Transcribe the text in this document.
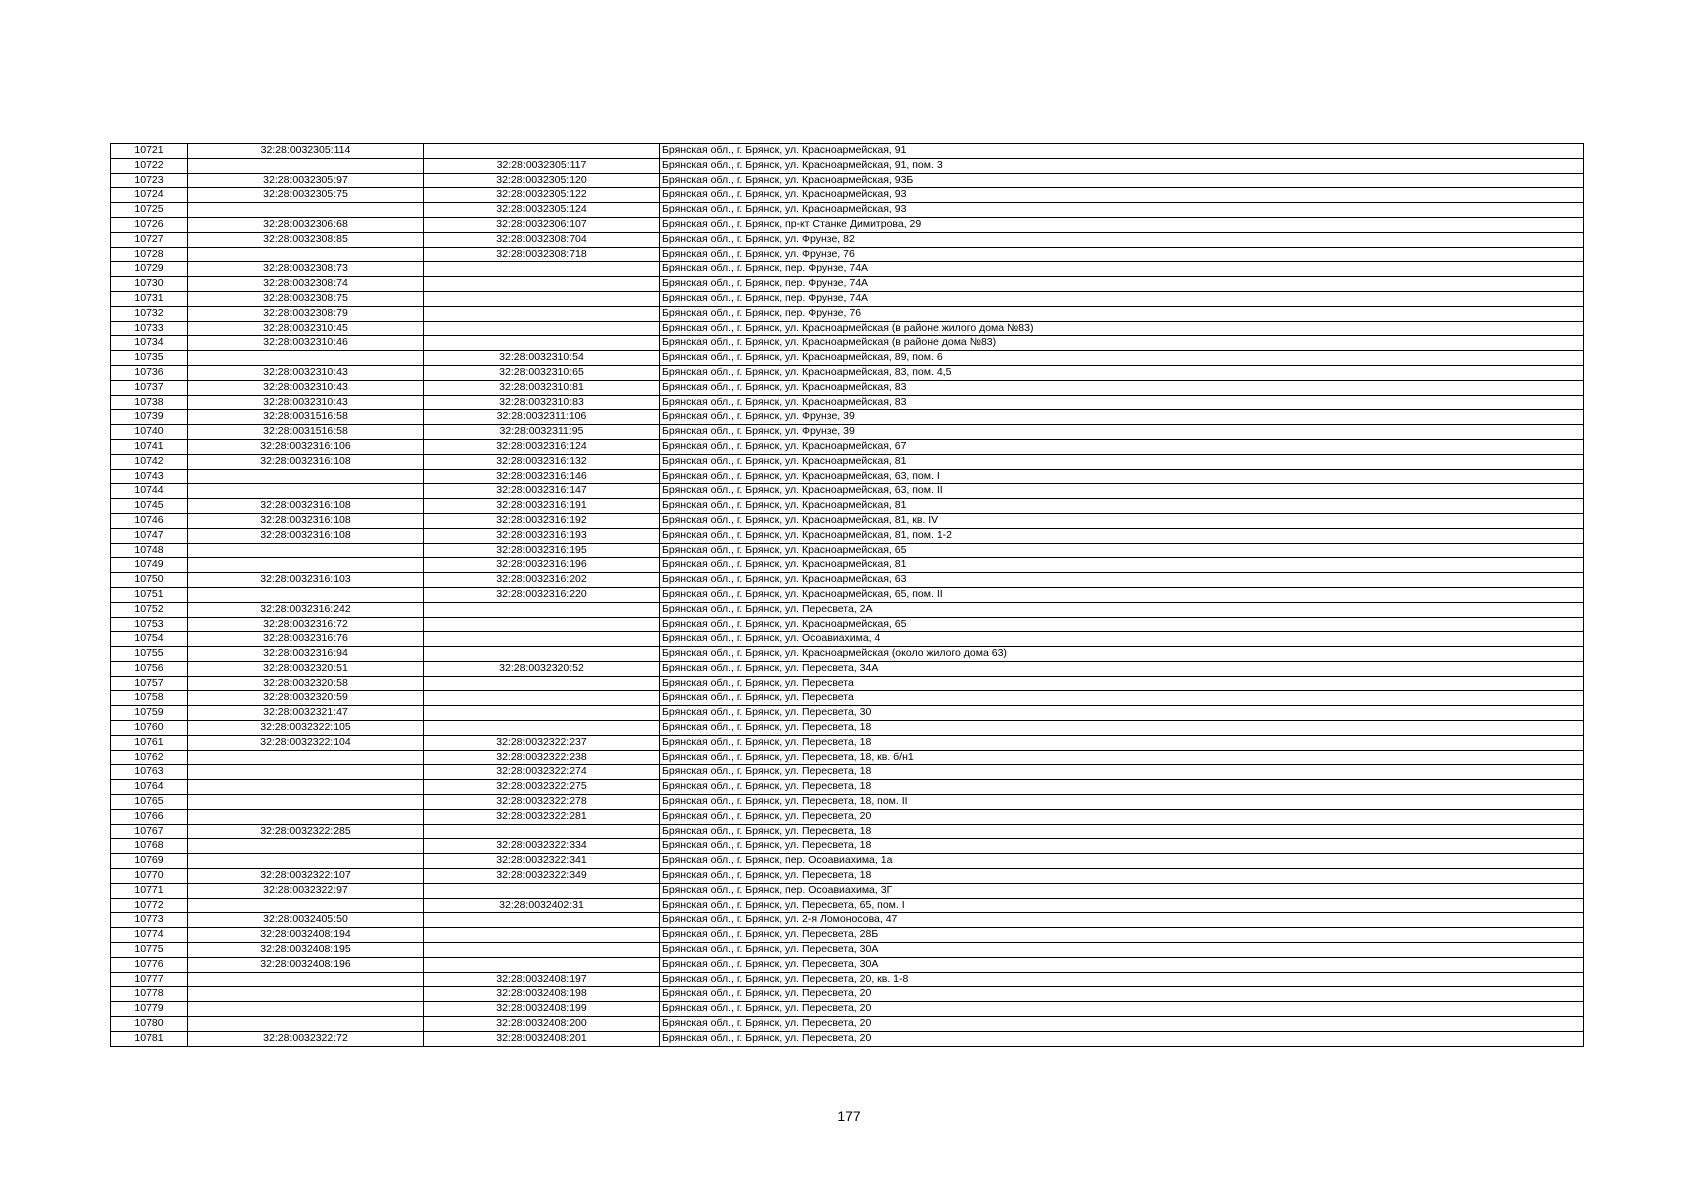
10721	32:28:0032305:114		Брянская обл., г. Брянск, ул. Красноармейская, 91
10722		32:28:0032305:117	Брянская обл., г. Брянск, ул. Красноармейская, 91, пом. 3
10723	32:28:0032305:97	32:28:0032305:120	Брянская обл., г. Брянск, ул. Красноармейская, 93Б
10724	32:28:0032305:75	32:28:0032305:122	Брянская обл., г. Брянск, ул. Красноармейская, 93
10725		32:28:0032305:124	Брянская обл., г. Брянск, ул. Красноармейская, 93
10726	32:28:0032306:68	32:28:0032306:107	Брянская обл., г. Брянск, пр-кт Станке Димитрова, 29
10727	32:28:0032308:85	32:28:0032308:704	Брянская обл., г. Брянск, ул. Фрунзе, 82
10728		32:28:0032308:718	Брянская обл., г. Брянск, ул. Фрунзе, 76
10729	32:28:0032308:73		Брянская обл., г. Брянск, пер. Фрунзе, 74А
10730	32:28:0032308:74		Брянская обл., г. Брянск, пер. Фрунзе, 74А
10731	32:28:0032308:75		Брянская обл., г. Брянск, пер. Фрунзе, 74А
10732	32:28:0032308:79		Брянская обл., г. Брянск, пер. Фрунзе, 76
10733	32:28:0032310:45		Брянская обл., г. Брянск, ул. Красноармейская (в районе жилого дома №83)
10734	32:28:0032310:46		Брянская обл., г. Брянск, ул. Красноармейская (в районе дома №83)
10735		32:28:0032310:54	Брянская обл., г. Брянск, ул. Красноармейская, 89, пом. 6
10736	32:28:0032310:43	32:28:0032310:65	Брянская обл., г. Брянск, ул. Красноармейская, 83, пом. 4,5
10737	32:28:0032310:43	32:28:0032310:81	Брянская обл., г. Брянск, ул. Красноармейская, 83
10738	32:28:0032310:43	32:28:0032310:83	Брянская обл., г. Брянск, ул. Красноармейская, 83
10739	32:28:0031516:58	32:28:0032311:106	Брянская обл., г. Брянск, ул. Фрунзе, 39
10740	32:28:0031516:58	32:28:0032311:95	Брянская обл., г. Брянск, ул. Фрунзе, 39
10741	32:28:0032316:106	32:28:0032316:124	Брянская обл., г. Брянск, ул. Красноармейская, 67
10742	32:28:0032316:108	32:28:0032316:132	Брянская обл., г. Брянск, ул. Красноармейская, 81
10743		32:28:0032316:146	Брянская обл., г. Брянск, ул. Красноармейская, 63, пом. I
10744		32:28:0032316:147	Брянская обл., г. Брянск, ул. Красноармейская, 63, пом. II
10745	32:28:0032316:108	32:28:0032316:191	Брянская обл., г. Брянск, ул. Красноармейская, 81
10746	32:28:0032316:108	32:28:0032316:192	Брянская обл., г. Брянск, ул. Красноармейская, 81, кв. IV
10747	32:28:0032316:108	32:28:0032316:193	Брянская обл., г. Брянск, ул. Красноармейская, 81, пом. 1-2
10748		32:28:0032316:195	Брянская обл., г. Брянск, ул. Красноармейская, 65
10749		32:28:0032316:196	Брянская обл., г. Брянск, ул. Красноармейская, 81
10750	32:28:0032316:103	32:28:0032316:202	Брянская обл., г. Брянск, ул. Красноармейская, 63
10751		32:28:0032316:220	Брянская обл., г. Брянск, ул. Красноармейская, 65, пом. II
10752	32:28:0032316:242		Брянская обл., г. Брянск, ул. Пересвета, 2А
10753	32:28:0032316:72		Брянская обл., г. Брянск, ул. Красноармейская, 65
10754	32:28:0032316:76		Брянская обл., г. Брянск, ул. Осоавиахима, 4
10755	32:28:0032316:94		Брянская обл., г. Брянск, ул. Красноармейская (около жилого дома 63)
10756	32:28:0032320:51	32:28:0032320:52	Брянская обл., г. Брянск, ул. Пересвета, 34А
10757	32:28:0032320:58		Брянская обл., г. Брянск, ул. Пересвета
10758	32:28:0032320:59		Брянская обл., г. Брянск, ул. Пересвета
10759	32:28:0032321:47		Брянская обл., г. Брянск, ул. Пересвета, 30
10760	32:28:0032322:105		Брянская обл., г. Брянск, ул. Пересвета, 18
10761	32:28:0032322:104	32:28:0032322:237	Брянская обл., г. Брянск, ул. Пересвета, 18
10762		32:28:0032322:238	Брянская обл., г. Брянск, ул. Пересвета, 18, кв. б/н1
10763		32:28:0032322:274	Брянская обл., г. Брянск, ул. Пересвета, 18
10764		32:28:0032322:275	Брянская обл., г. Брянск, ул. Пересвета, 18
10765		32:28:0032322:278	Брянская обл., г. Брянск, ул. Пересвета, 18, пом. II
10766		32:28:0032322:281	Брянская обл., г. Брянск, ул. Пересвета, 20
10767	32:28:0032322:285		Брянская обл., г. Брянск, ул. Пересвета, 18
10768		32:28:0032322:334	Брянская обл., г. Брянск, ул. Пересвета, 18
10769		32:28:0032322:341	Брянская обл., г. Брянск, пер. Осоавиахима, 1а
10770	32:28:0032322:107	32:28:0032322:349	Брянская обл., г. Брянск, ул. Пересвета, 18
10771	32:28:0032322:97		Брянская обл., г. Брянск, пер. Осоавиахима, 3Г
10772		32:28:0032402:31	Брянская обл., г. Брянск, ул. Пересвета, 65, пом. I
10773	32:28:0032405:50		Брянская обл., г. Брянск, ул. 2-я Ломоносова, 47
10774	32:28:0032408:194		Брянская обл., г. Брянск, ул. Пересвета, 28Б
10775	32:28:0032408:195		Брянская обл., г. Брянск, ул. Пересвета, 30А
10776	32:28:0032408:196		Брянская обл., г. Брянск, ул. Пересвета, 30А
10777		32:28:0032408:197	Брянская обл., г. Брянск, ул. Пересвета, 20, кв. 1-8
10778		32:28:0032408:198	Брянская обл., г. Брянск, ул. Пересвета, 20
10779		32:28:0032408:199	Брянская обл., г. Брянск, ул. Пересвета, 20
10780		32:28:0032408:200	Брянская обл., г. Брянск, ул. Пересвета, 20
10781	32:28:0032322:72	32:28:0032408:201	Брянская обл., г. Брянск, ул. Пересвета, 20
177
